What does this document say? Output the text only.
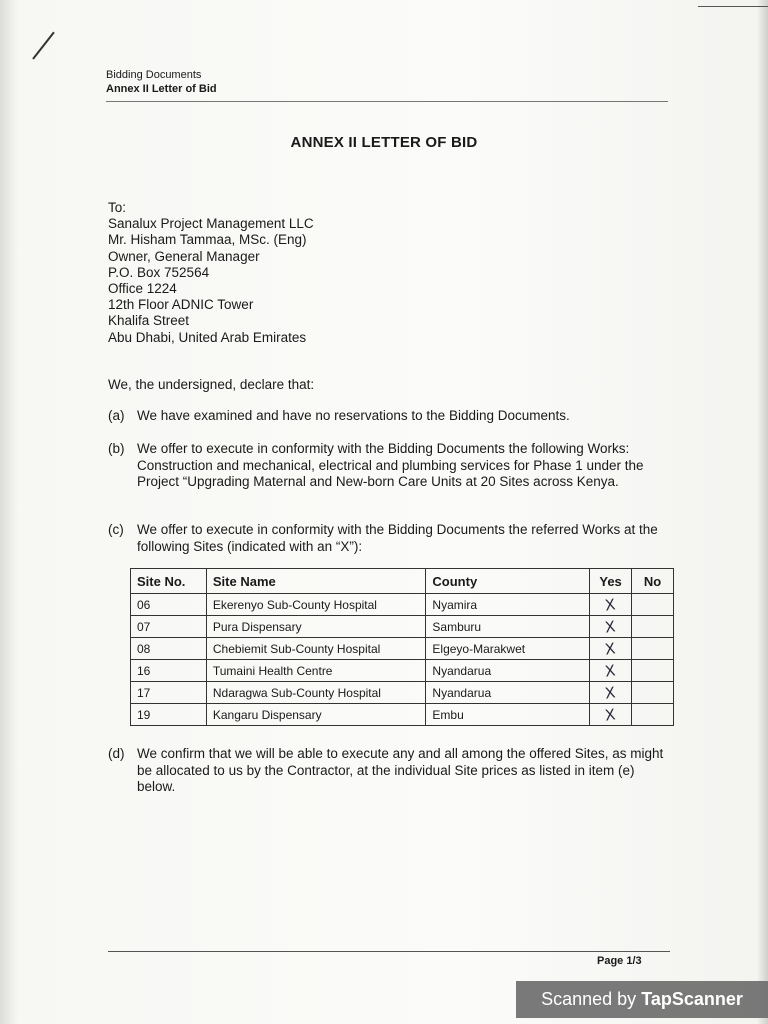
Bidding Documents
Annex II Letter of Bid
ANNEX II LETTER OF BID
To:
Sanalux Project Management LLC
Mr. Hisham Tammaa, MSc. (Eng)
Owner, General Manager
P.O. Box 752564
Office 1224
12th Floor ADNIC Tower
Khalifa Street
Abu Dhabi, United Arab Emirates
We, the undersigned, declare that:
(a) We have examined and have no reservations to the Bidding Documents.
(b) We offer to execute in conformity with the Bidding Documents the following Works: Construction and mechanical, electrical and plumbing services for Phase 1 under the Project “Upgrading Maternal and New-born Care Units at 20 Sites across Kenya.
(c) We offer to execute in conformity with the Bidding Documents the referred Works at the following Sites (indicated with an “X”):
Site No.	Site Name	County	Yes	No
06	Ekerenyo Sub-County Hospital	Nyamira	X	
07	Pura Dispensary	Samburu	X	
08	Chebiemit Sub-County Hospital	Elgeyo-Marakwet	X	
16	Tumaini Health Centre	Nyandarua	X	
17	Ndaragwa Sub-County Hospital	Nyandarua	X	
19	Kangaru Dispensary	Embu	X	
(d) We confirm that we will be able to execute any and all among the offered Sites, as might be allocated to us by the Contractor, at the individual Site prices as listed in item (e) below.
Page 1/3
Scanned by TapScanner
